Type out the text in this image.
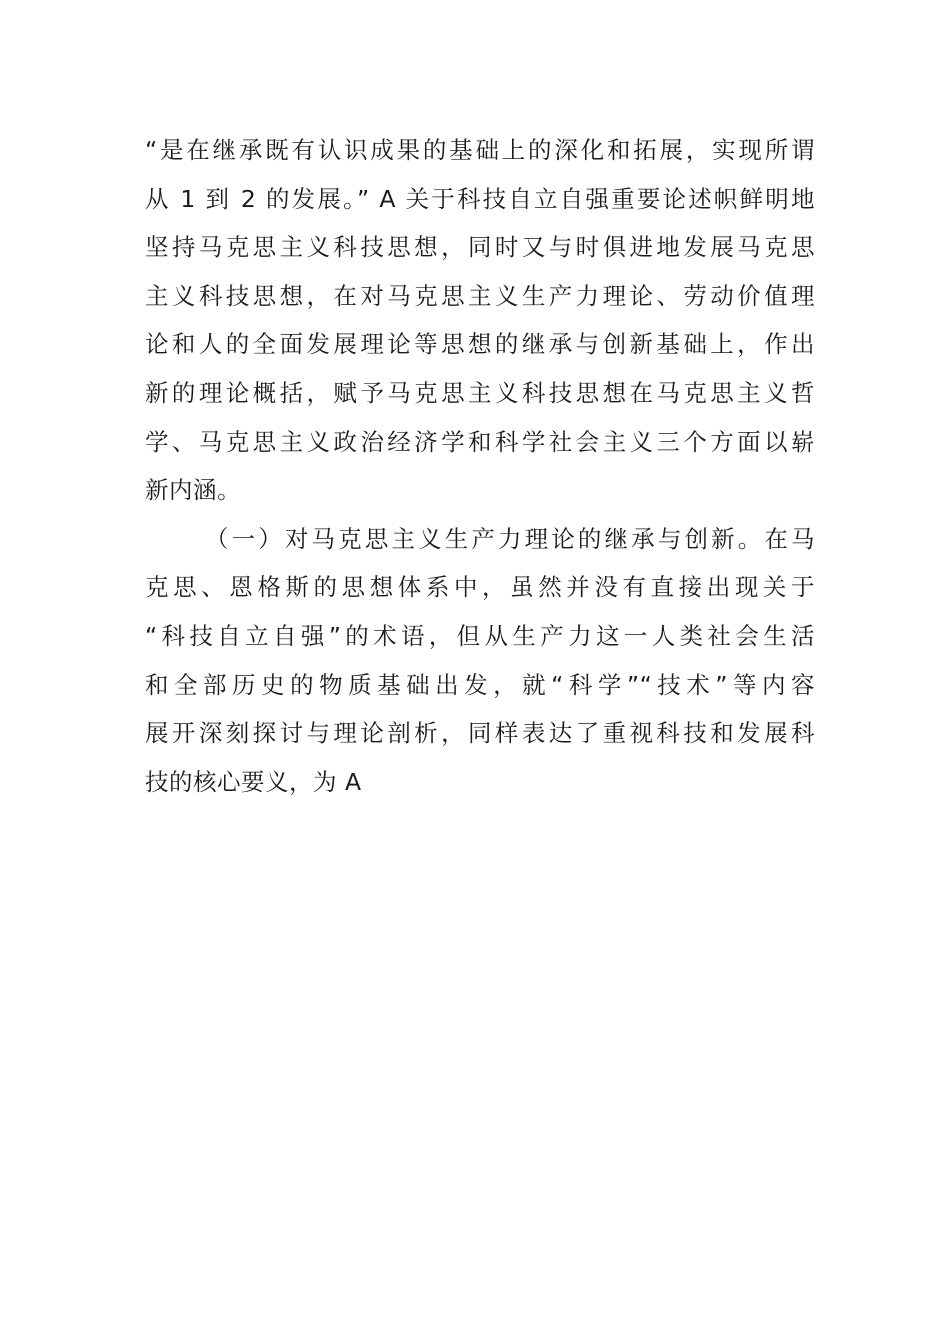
“是在继承既有认识成果的基础上的深化和拓展，实现所谓
从 1 到 2 的发展。” A 关于科技自立自强重要论述帜鲜明地
坚持马克思主义科技思想，同时又与时俱进地发展马克思
主义科技思想，在对马克思主义生产力理论、劳动价值理
论和人的全面发展理论等思想的继承与创新基础上，作出
新的理论概括，赋予马克思主义科技思想在马克思主义哲
学、马克思主义政治经济学和科学社会主义三个方面以崭
新内涵。
（一）对马克思主义生产力理论的继承与创新。在马
克思、恩格斯的思想体系中，虽然并没有直接出现关于
“科技自立自强”的术语，但从生产力这一人类社会生活
和全部历史的物质基础出发，就“科学”“技术”等内容
展开深刻探讨与理论剖析，同样表达了重视科技和发展科
技的核心要义，为 A
